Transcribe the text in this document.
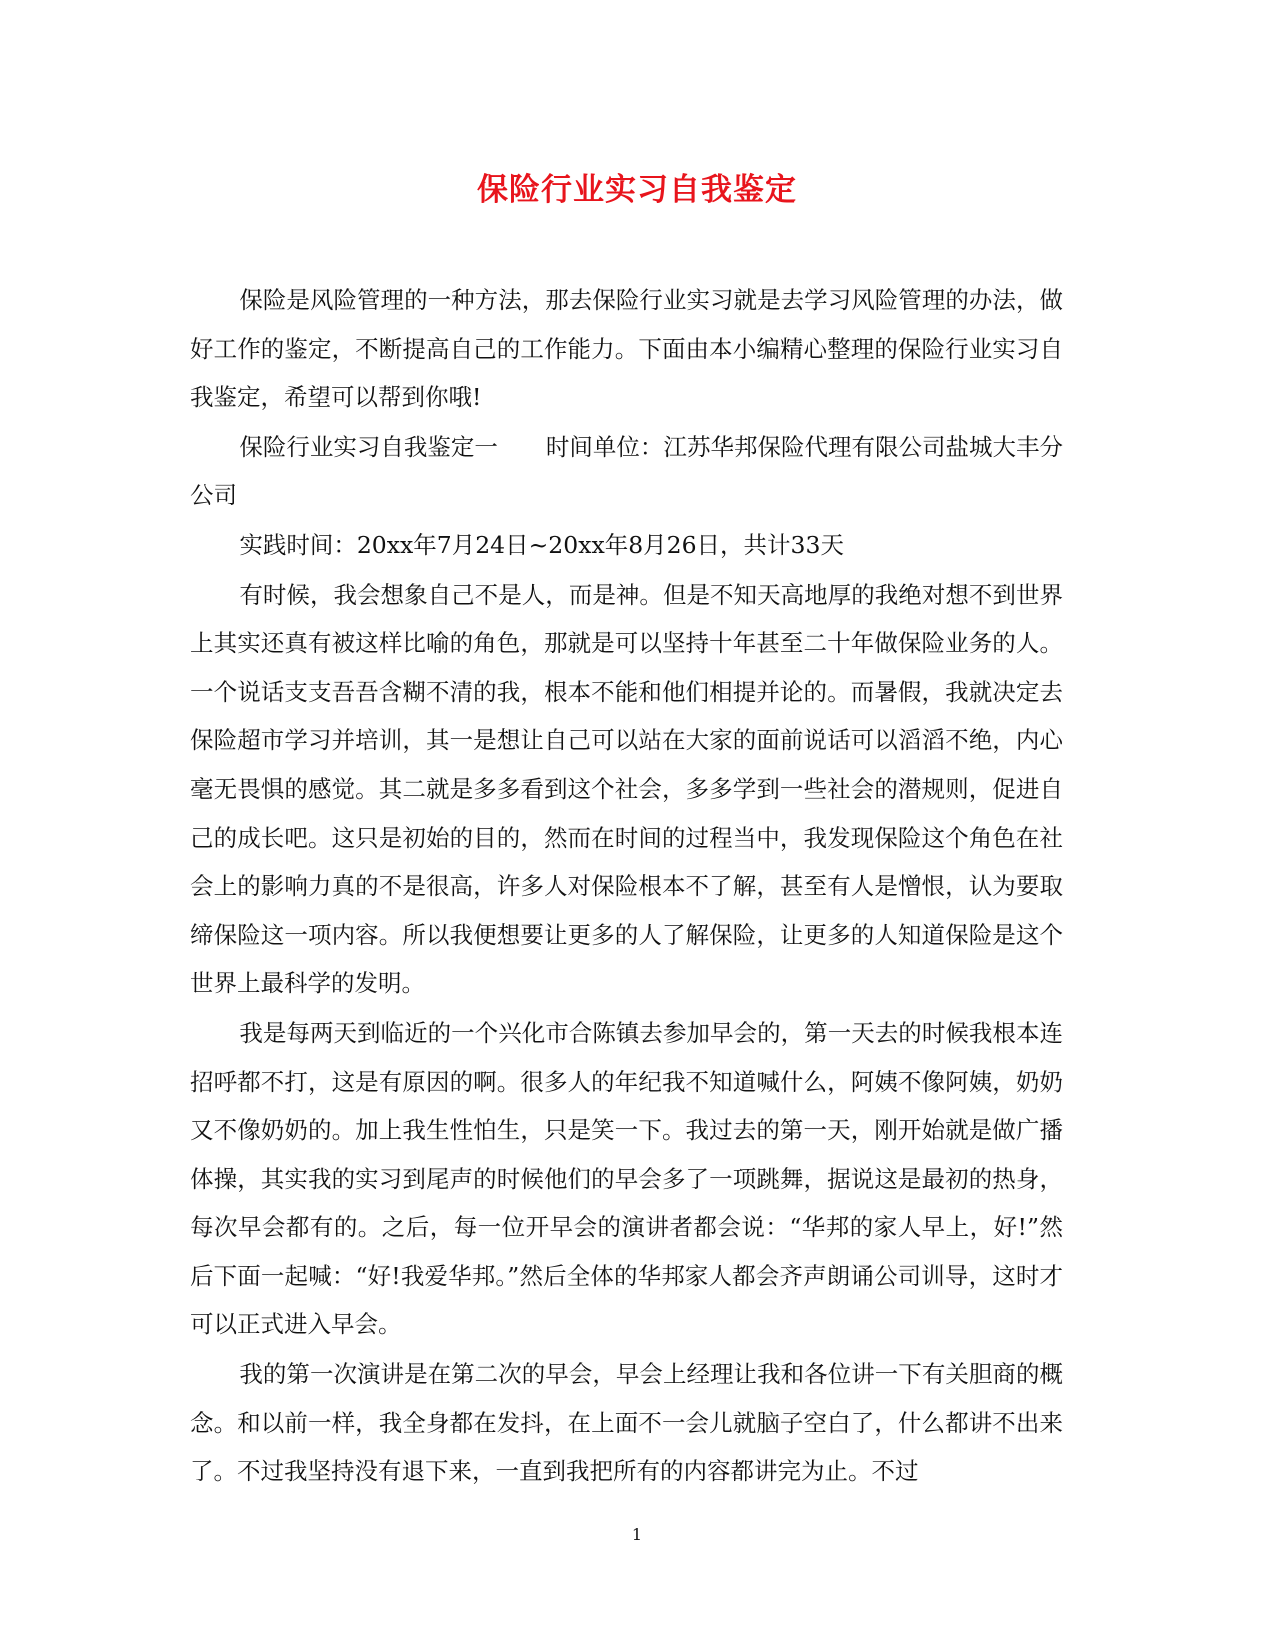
保险行业实习自我鉴定

保险是风险管理的一种方法，那去保险行业实习就是去学习风险管理的办法，做好工作的鉴定，不断提高自己的工作能力。下面由本小编精心整理的保险行业实习自我鉴定，希望可以帮到你哦!

保险行业实习自我鉴定一 时间单位：江苏华邦保险代理有限公司盐城大丰分公司

实践时间：20xx年7月24日~20xx年8月26日，共计33天

有时候，我会想象自己不是人，而是神。但是不知天高地厚的我绝对想不到世界上其实还真有被这样比喻的角色，那就是可以坚持十年甚至二十年做保险业务的人。一个说话支支吾吾含糊不清的我，根本不能和他们相提并论的。而暑假，我就决定去保险超市学习并培训，其一是想让自己可以站在大家的面前说话可以滔滔不绝，内心毫无畏惧的感觉。其二就是多多看到这个社会，多多学到一些社会的潜规则，促进自己的成长吧。这只是初始的目的，然而在时间的过程当中，我发现保险这个角色在社会上的影响力真的不是很高，许多人对保险根本不了解，甚至有人是憎恨，认为要取缔保险这一项内容。所以我便想要让更多的人了解保险，让更多的人知道保险是这个世界上最科学的发明。

我是每两天到临近的一个兴化市合陈镇去参加早会的，第一天去的时候我根本连招呼都不打，这是有原因的啊。很多人的年纪我不知道喊什么，阿姨不像阿姨，奶奶又不像奶奶的。加上我生性怕生，只是笑一下。我过去的第一天，刚开始就是做广播体操，其实我的实习到尾声的时候他们的早会多了一项跳舞，据说这是最初的热身，每次早会都有的。之后，每一位开早会的演讲者都会说：“华邦的家人早上，好!”然后下面一起喊：“好!我爱华邦。”然后全体的华邦家人都会齐声朗诵公司训导，这时才可以正式进入早会。

我的第一次演讲是在第二次的早会，早会上经理让我和各位讲一下有关胆商的概念。和以前一样，我全身都在发抖，在上面不一会儿就脑子空白了，什么都讲不出来了。不过我坚持没有退下来，一直到我把所有的内容都讲完为止。不过

1
